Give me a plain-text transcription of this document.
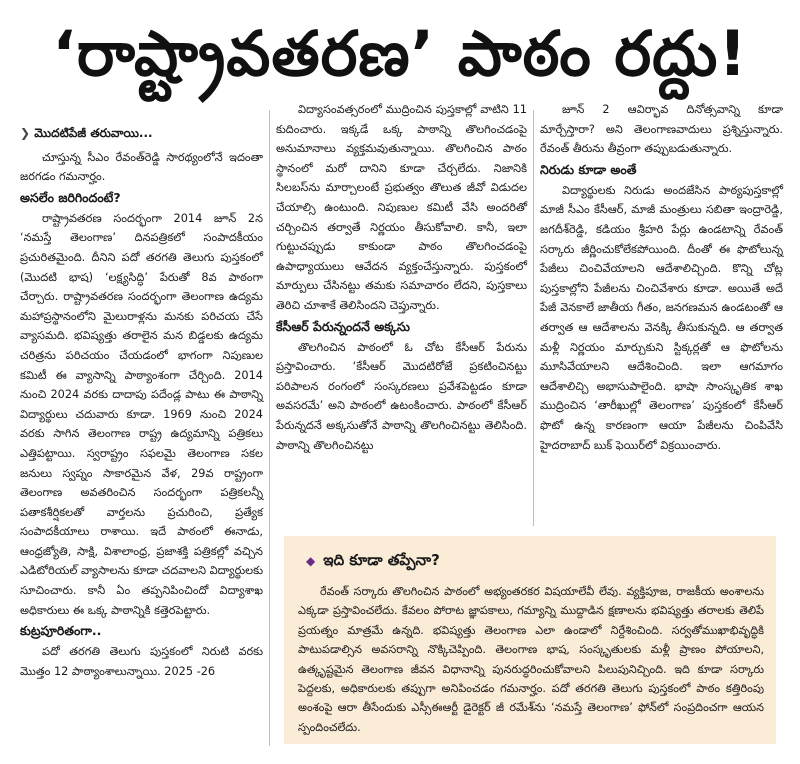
‘రాష్ట్రావతరణ’ పాఠం రద్దు!
❯ మొదటిపేజీ తరువాయి...

చూస్తున్న సీఎం రేవంత్‌రెడ్డి సారథ్యంలోనే ఇదంతా జరగడం గమనార్హం.

అసలేం జరిగిందంటే?

రాష్ట్రావతరణ సందర్భంగా 2014 జూన్ 2న ‘నమస్తే తెలంగాణ’ దినపత్రికలో సంపాదకీయం ప్రచురితమైంది. దీనిని పదో తరగతి తెలుగు పుస్తకంలో (మొదటి భాష) ‘లక్ష్యసిద్ధి’ పేరుతో 8వ పాఠంగా చేర్చారు. రాష్ట్రావతరణ సందర్భంగా తెలంగాణ ఉద్యమ మహాప్రస్థానంలోని మైలురాళ్లను మనకు పరిచయ చేసే వ్యాసమది. భవిష్యత్తు తరాలైన మన బిడ్డలకు ఉద్యమ చరిత్రను పరిచయం చేయడంలో భాగంగా నిపుణుల కమిటీ ఈ వ్యాసాన్ని పాఠ్యాంశంగా చేర్చింది. 2014 నుంచి 2024 వరకు దాదాపు పదేండ్ల పాటు ఈ పాఠాన్ని విద్యార్థులు చదువారు కూడా. 1969 నుంచి 2024 వరకు సాగిన తెలంగాణ రాష్ట్ర ఉద్యమాన్ని పత్రికలు ఎత్తిపట్టాయి. స్వరాష్ట్రం సఫలమై తెలంగాణ సకల జనులు స్వప్నం సాకారమైన వేళ, 29వ రాష్ట్రంగా తెలంగాణ అవతరించిన సందర్భంగా పత్రికలన్నీ పతాకశీర్షికలతో వార్తలను ప్రచురించి, ప్రత్యేక సంపాదకీయాలు రాశాయి. ఇదే పాఠంలో ఈనాడు, ఆంధ్రజ్యోతి, సాక్షి, విశాలాంధ్ర, ప్రజాశక్తి పత్రికల్లో వచ్చిన ఎడిటోరియల్ వ్యాసాలను కూడా చదవాలని విద్యార్థులకు సూచించారు. కానీ ఏం తప్పనిపించిందో విద్యాశాఖ అధికారులు ఈ ఒక్క పాఠాన్నికి కత్తెరపెట్టారు.

కుట్రపూరితంగా..

పదో తరగతి తెలుగు పుస్తకంలో నిరుటి వరకు మొత్తం 12 పాఠ్యాంశాలున్నాయి. 2025 -26

విద్యాసంవత్సరంలో ముద్రించిన పుస్తకాల్లో వాటిని 11 కుదించారు. ఇక్కడే ఒక్క పాఠాన్ని తొలగించడంపై అనుమానాలు వ్యక్తమవుతున్నాయి. తొలగించిన పాఠం స్థానంలో మరో దానిని కూడా చేర్చలేదు. నిజానికి సిలబస్‌ను మార్చాలంటే ప్రభుత్వం తొలుత జీవో విడుదల చేయాల్సి ఉంటుంది. నిపుణుల కమిటీ వేసి అందరితో చర్చించిన తర్వాతే నిర్ణయం తీసుకోవాలి. కానీ, ఇలా గుట్టుచప్పుడు కాకుండా పాఠం తొలగించడంపై ఉపాధ్యాయులు ఆవేదన వ్యక్తంచేస్తున్నారు. పుస్తకంలో మార్పులు చేసినట్టు తమకు సమాచారం లేదని, పుస్తకాలు తెరిచి చూశాకే తెలిసిందని చెప్తున్నారు.

కేసీఆర్ పేరున్నందనే అక్కసు

తొలగించిన పాఠంలో ఓ చోట కేసీఆర్ పేరును ప్రస్తావించారు. ‘కేసీఆర్ మొదటిరోజే ప్రకటించినట్టు పరిపాలన రంగంలో సంస్కరణలు ప్రవేశపెట్టడం కూడా అవసరమే’ అని పాఠంలో ఉటంకించారు. పాఠంలో కేసీఆర్ పేరున్నదనే అక్కసుతోనే పాఠాన్ని తొలగించినట్టు తెలిసింది. పాఠాన్ని తొలగించినట్టు

జూన్ 2 ఆవిర్భావ దినోత్సవాన్ని కూడా మార్చేస్తారా? అని తెలంగాణవాదులు ప్రశ్నిస్తున్నారు. రేవంత్ తీరును తీవ్రంగా తప్పుబడుతున్నారు.

నిరుడు కూడా అంతే

విద్యార్థులకు నిరుడు అందజేసిన పాఠ్యపుస్తకాల్లో మాజీ సీఎం కేసీఆర్, మాజీ మంత్రులు సబితా ఇంద్రారెడ్డి, జగదీశ్‌రెడ్డి, కడియం శ్రీహరి పేర్లు ఉండటాన్ని రేవంత్ సర్కారు జీర్ణించుకోలేకపోయింది. దీంతో ఈ ఫొటోలున్న పేజీలు చించివేయాలని ఆదేశాలిచ్చింది. కొన్ని చోట్ల పుస్తకాల్లోని పేజీలను చించివేశారు కూడా. అయితే అదే పేజీ వెనకాలే జాతీయ గీతం, జనగణమన ఉండటంతో ఆ తర్వాత ఆ ఆదేశాలను వెనక్కి తీసుకున్నది. ఆ తర్వాత మళ్లీ నిర్ణయం మార్చుకుని స్టిక్కర్లతో ఆ ఫొటోలను మూసివేయాలని ఆదేశించింది. ఇలా ఆగమాగం ఆదేశాలిచ్చి అభాసుపాలైంది. భాషా సాంస్కృతిక శాఖ ముద్రించిన ‘తారీఖుల్లో తెలంగాణ’ పుస్తకంలో కేసీఆర్ ఫొటో ఉన్న కారణంగా ఆయా పేజీలను చింపివేసి హైదరాబాద్ బుక్ ఫెయిర్‌లో విక్రయించారు.

◆ ఇది కూడా తప్పేనా?

రేవంత్ సర్కారు తొలగించిన పాఠంలో అభ్యంతరకర విషయాలేవీ లేవు. వ్యక్తిపూజ, రాజకీయ అంశాలను ఎక్కడా ప్రస్తావించలేదు. కేవలం పోరాట జ్ఞాపకాలు, గమ్యాన్ని ముద్దాడిన క్షణాలను భవిష్యత్తు తరాలకు తెలిపే ప్రయత్నం మాత్రమే ఉన్నది. భవిష్యత్తు తెలంగాణ ఎలా ఉండాలో నిర్దేశించింది. సర్వతోముఖాభివృద్ధికి పాటుపడాల్సిన అవసరాన్ని నొక్కిచెప్పింది. తెలంగాణ భాష, సంస్కృతులకు మళ్లీ ప్రాణం పోయాలని, ఉత్కృష్టమైన తెలంగాణ జీవన విధానాన్ని పునరుద్ధరించుకోవాలని పిలుపునిచ్చింది. ఇది కూడా సర్కారు పెద్దలకు, అధికారులకు తప్పుగా అనిపించడం గమనార్హం. పదో తరగతి తెలుగు పుస్తకంలో పాఠం కత్తిరింపు అంశంపై ఆరా తీసేందుకు ఎస్సీఈఆర్టీ డైరెక్టర్ జీ రమేశ్‌ను ‘నమస్తే తెలంగాణ’ ఫోన్‌లో సంప్రదించగా ఆయన స్పందించలేదు.
